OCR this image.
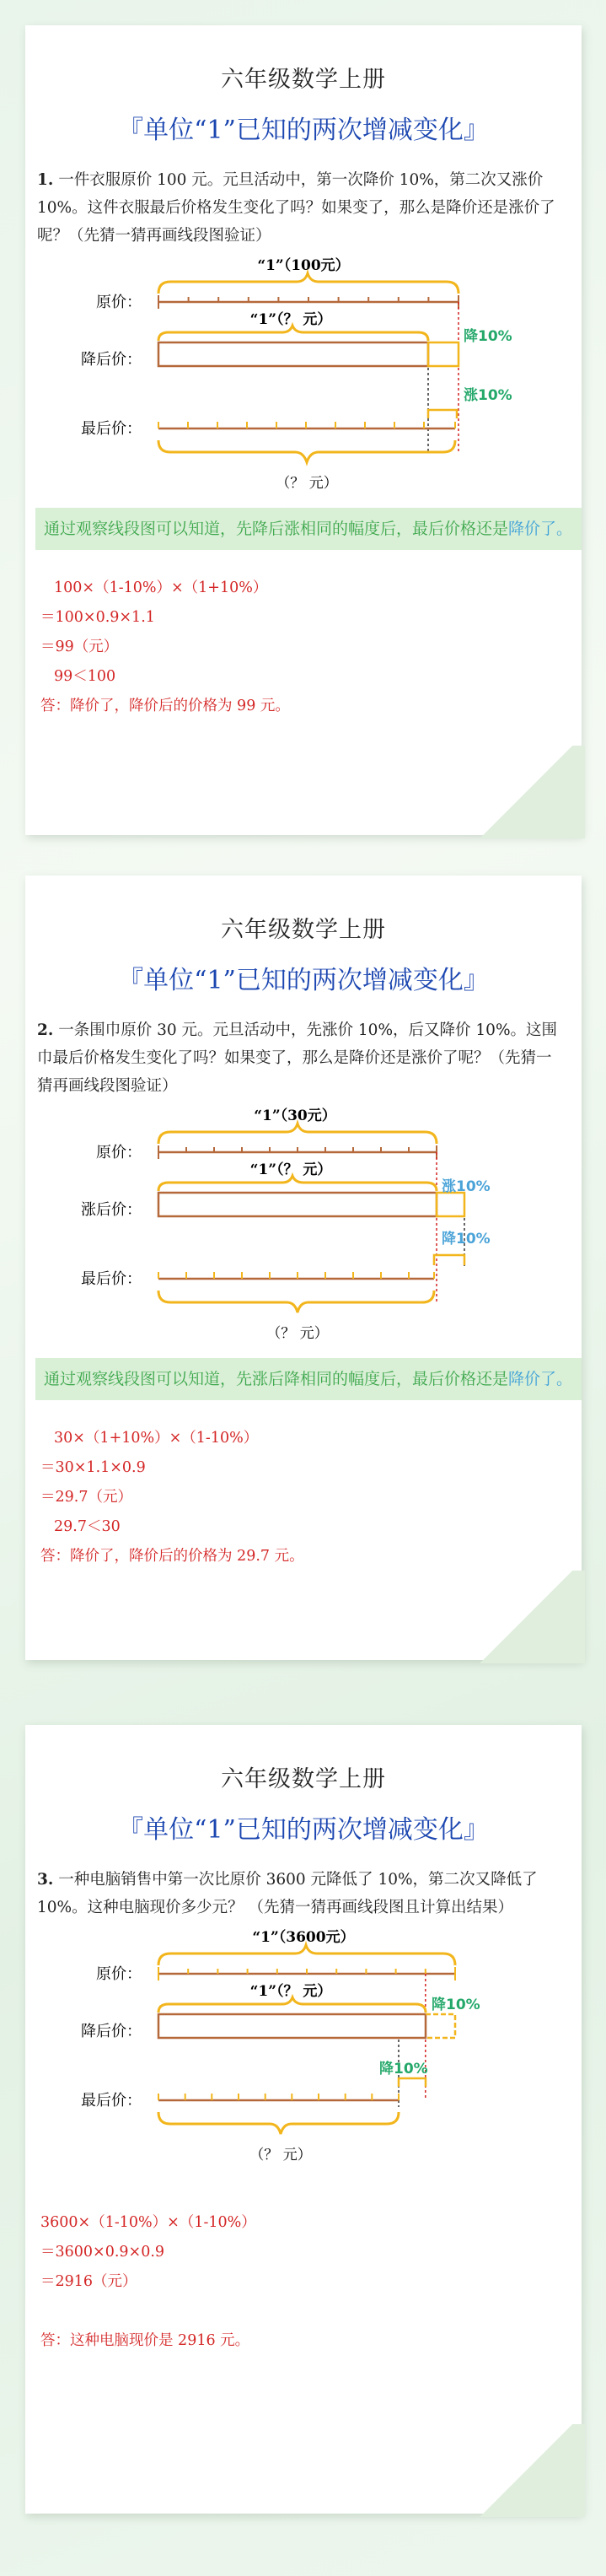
六年级数学上册
『单位“1”已知的两次增减变化』
1. 一件衣服原价 100 元。元旦活动中，第一次降价 10%，第二次又涨价 10%。这件衣服最后价格发生变化了吗？如果变了，那么是降价还是涨价了呢？（先猜一猜再画线段图验证）
“1”（100元）
原价：
“1”（？ 元）
降后价：
降10%
涨10%
最后价：
（？ 元）
通过观察线段图可以知道，先降后涨相同的幅度后，最后价格还是降价了。
100×（1-10%）×（1+10%）
＝100×0.9×1.1
＝99（元）
99＜100
答：降价了，降价后的价格为 99 元。
六年级数学上册
『单位“1”已知的两次增减变化』
2. 一条围巾原价 30 元。元旦活动中，先涨价 10%，后又降价 10%。这围巾最后价格发生变化了吗？如果变了，那么是降价还是涨价了呢？（先猜一猜再画线段图验证）
“1”（30元）
原价：
“1”（？ 元）
涨后价：
涨10%
降10%
最后价：
（？ 元）
通过观察线段图可以知道，先涨后降相同的幅度后，最后价格还是降价了。
30×（1+10%）×（1-10%）
＝30×1.1×0.9
＝29.7（元）
29.7＜30
答：降价了，降价后的价格为 29.7 元。
六年级数学上册
『单位“1”已知的两次增减变化』
3. 一种电脑销售中第一次比原价 3600 元降低了 10%，第二次又降低了 10%。这种电脑现价多少元？ （先猜一猜再画线段图且计算出结果）
“1”（3600元）
原价：
“1”（？ 元）
降后价：
降10%
降10%
最后价：
（？ 元）
3600×（1-10%）×（1-10%）
＝3600×0.9×0.9
＝2916（元）
答：这种电脑现价是 2916 元。
